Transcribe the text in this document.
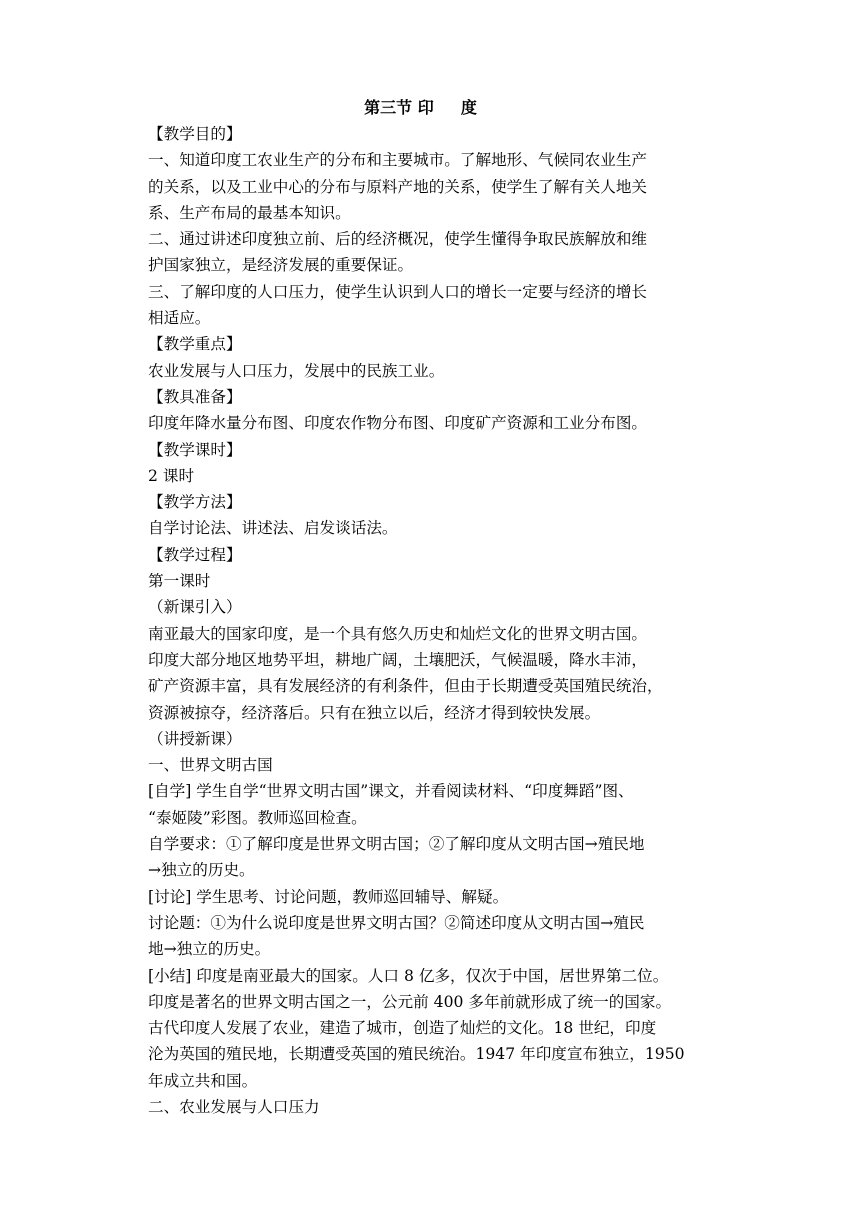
第三节 印　  度

【教学目的】

一、知道印度工农业生产的分布和主要城市。了解地形、气候同农业生产

的关系，以及工业中心的分布与原料产地的关系，使学生了解有关人地关

系、生产布局的最基本知识。

二、通过讲述印度独立前、后的经济概况，使学生懂得争取民族解放和维

护国家独立，是经济发展的重要保证。

三、了解印度的人口压力，使学生认识到人口的增长一定要与经济的增长

相适应。

【教学重点】

农业发展与人口压力，发展中的民族工业。

【教具准备】

印度年降水量分布图、印度农作物分布图、印度矿产资源和工业分布图。

【教学课时】

2 课时

【教学方法】

自学讨论法、讲述法、启发谈话法。

【教学过程】

第一课时

（新课引入）

南亚最大的国家印度，是一个具有悠久历史和灿烂文化的世界文明古国。

印度大部分地区地势平坦，耕地广阔，土壤肥沃，气候温暖，降水丰沛，

矿产资源丰富，具有发展经济的有利条件，但由于长期遭受英国殖民统治，

资源被掠夺，经济落后。只有在独立以后，经济才得到较快发展。

（讲授新课）

一、世界文明古国

[自学] 学生自学“世界文明古国”课文，并看阅读材料、“印度舞蹈”图、

“泰姬陵”彩图。教师巡回检查。

自学要求：①了解印度是世界文明古国；②了解印度从文明古国→殖民地

→独立的历史。

[讨论] 学生思考、讨论问题，教师巡回辅导、解疑。

讨论题：①为什么说印度是世界文明古国？②简述印度从文明古国→殖民

地→独立的历史。

[小结] 印度是南亚最大的国家。人口 8 亿多，仅次于中国，居世界第二位。

印度是著名的世界文明古国之一，公元前 400 多年前就形成了统一的国家。

古代印度人发展了农业，建造了城市，创造了灿烂的文化。18 世纪，印度

沦为英国的殖民地，长期遭受英国的殖民统治。1947 年印度宣布独立，1950

年成立共和国。

二、农业发展与人口压力
